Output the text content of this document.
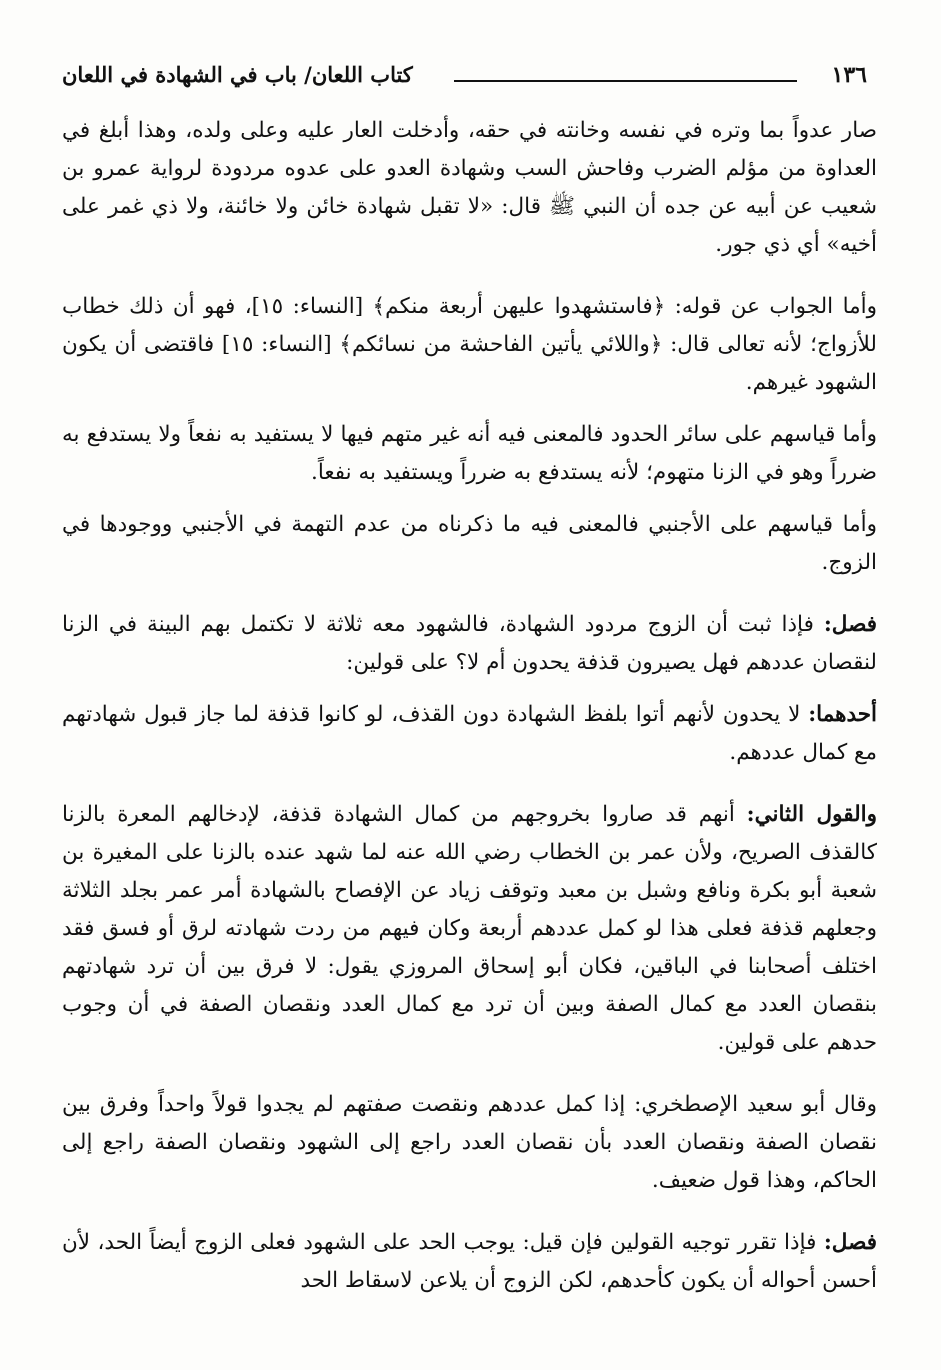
١٣٦
كتاب اللعان/ باب في الشهادة في اللعان

صار عدواً بما وتره في نفسه وخانته في حقه، وأدخلت العار عليه وعلى ولده، وهذا أبلغ في العداوة من مؤلم الضرب وفاحش السب وشهادة العدو على عدوه مردودة لرواية عمرو بن شعيب عن أبيه عن جده أن النبي ﷺ قال: «لا تقبل شهادة خائن ولا خائنة، ولا ذي غمر على أخيه» أي ذي جور.

وأما الجواب عن قوله: ﴿فاستشهدوا عليهن أربعة منكم﴾ [النساء: ١٥]، فهو أن ذلك خطاب للأزواج؛ لأنه تعالى قال: ﴿واللائي يأتين الفاحشة من نسائكم﴾ [النساء: ١٥] فاقتضى أن يكون الشهود غيرهم.

وأما قياسهم على سائر الحدود فالمعنى فيه أنه غير متهم فيها لا يستفيد به نفعاً ولا يستدفع به ضرراً وهو في الزنا متهوم؛ لأنه يستدفع به ضرراً ويستفيد به نفعاً.

وأما قياسهم على الأجنبي فالمعنى فيه ما ذكرناه من عدم التهمة في الأجنبي ووجودها في الزوج.

فصل: فإذا ثبت أن الزوج مردود الشهادة، فالشهود معه ثلاثة لا تكتمل بهم البينة في الزنا لنقصان عددهم فهل يصيرون قذفة يحدون أم لا؟ على قولين:

أحدهما: لا يحدون لأنهم أتوا بلفظ الشهادة دون القذف، لو كانوا قذفة لما جاز قبول شهادتهم مع كمال عددهم.

والقول الثاني: أنهم قد صاروا بخروجهم من كمال الشهادة قذفة، لإدخالهم المعرة بالزنا كالقذف الصريح، ولأن عمر بن الخطاب رضي الله عنه لما شهد عنده بالزنا على المغيرة بن شعبة أبو بكرة ونافع وشبل بن معبد وتوقف زياد عن الإفصاح بالشهادة أمر عمر بجلد الثلاثة وجعلهم قذفة فعلى هذا لو كمل عددهم أربعة وكان فيهم من ردت شهادته لرق أو فسق فقد اختلف أصحابنا في الباقين، فكان أبو إسحاق المروزي يقول: لا فرق بين أن ترد شهادتهم بنقصان العدد مع كمال الصفة وبين أن ترد مع كمال العدد ونقصان الصفة في أن وجوب حدهم على قولين.

وقال أبو سعيد الإصطخري: إذا كمل عددهم ونقصت صفتهم لم يجدوا قولاً واحداً وفرق بين نقصان الصفة ونقصان العدد بأن نقصان العدد راجع إلى الشهود ونقصان الصفة راجع إلى الحاكم، وهذا قول ضعيف.

فصل: فإذا تقرر توجيه القولين فإن قيل: يوجب الحد على الشهود فعلى الزوج أيضاً الحد، لأن أحسن أحواله أن يكون كأحدهم، لكن الزوج أن يلاعن لاسقاط الحد
